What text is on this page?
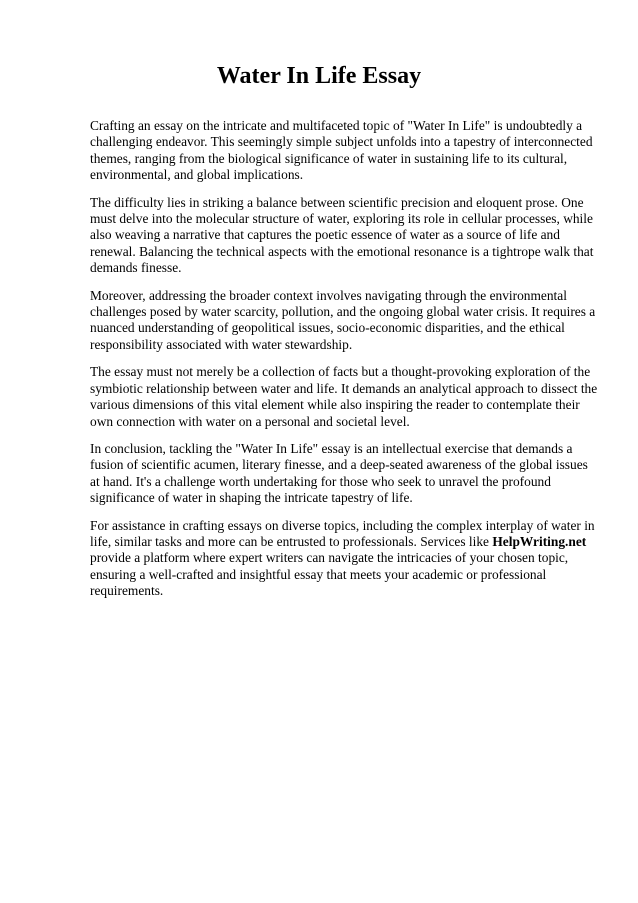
Water In Life Essay

Crafting an essay on the intricate and multifaceted topic of "Water In Life" is undoubtedly a challenging endeavor. This seemingly simple subject unfolds into a tapestry of interconnected themes, ranging from the biological significance of water in sustaining life to its cultural, environmental, and global implications.

The difficulty lies in striking a balance between scientific precision and eloquent prose. One must delve into the molecular structure of water, exploring its role in cellular processes, while also weaving a narrative that captures the poetic essence of water as a source of life and renewal. Balancing the technical aspects with the emotional resonance is a tightrope walk that demands finesse.

Moreover, addressing the broader context involves navigating through the environmental challenges posed by water scarcity, pollution, and the ongoing global water crisis. It requires a nuanced understanding of geopolitical issues, socio-economic disparities, and the ethical responsibility associated with water stewardship.

The essay must not merely be a collection of facts but a thought-provoking exploration of the symbiotic relationship between water and life. It demands an analytical approach to dissect the various dimensions of this vital element while also inspiring the reader to contemplate their own connection with water on a personal and societal level.

In conclusion, tackling the "Water In Life" essay is an intellectual exercise that demands a fusion of scientific acumen, literary finesse, and a deep-seated awareness of the global issues at hand. It's a challenge worth undertaking for those who seek to unravel the profound significance of water in shaping the intricate tapestry of life.

For assistance in crafting essays on diverse topics, including the complex interplay of water in life, similar tasks and more can be entrusted to professionals. Services like HelpWriting.net provide a platform where expert writers can navigate the intricacies of your chosen topic, ensuring a well-crafted and insightful essay that meets your academic or professional requirements.
